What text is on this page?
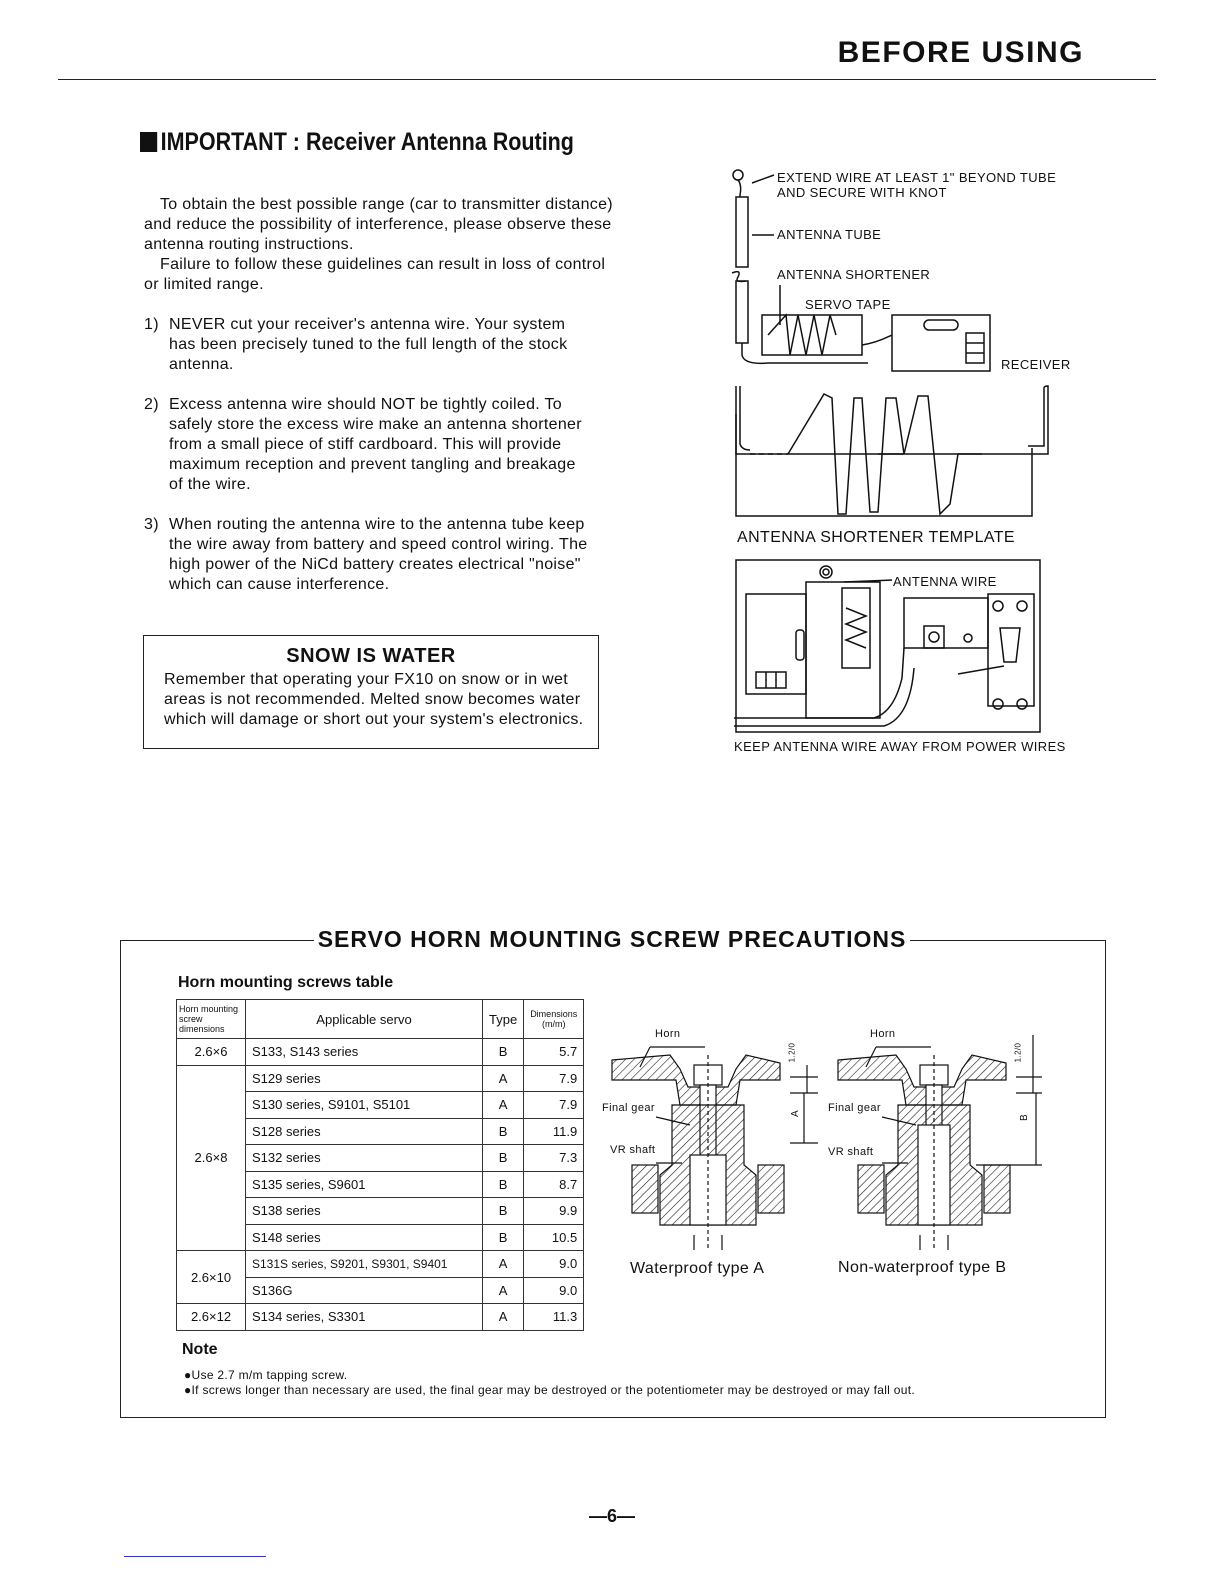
BEFORE USING
IMPORTANT : Receiver Antenna Routing

To obtain the best possible range (car to transmitter distance) and reduce the possibility of interference, please observe these antenna routing instructions.

Failure to follow these guidelines can result in loss of control or limited range.

1) NEVER cut your receiver's antenna wire. Your system has been precisely tuned to the full length of the stock antenna.
2) Excess antenna wire should NOT be tightly coiled. To safely store the excess wire make an antenna shortener from a small piece of stiff cardboard. This will provide maximum reception and prevent tangling and breakage of the wire.
3) When routing the antenna wire to the antenna tube keep the wire away from battery and speed control wiring. The high power of the NiCd battery creates electrical "noise" which can cause interference.
SNOW IS WATER
Remember that operating your FX10 on snow or in wet areas is not recommended. Melted snow becomes water which will damage or short out your system's electronics.
EXTEND WIRE AT LEAST 1" BEYOND TUBE
AND SECURE WITH KNOT
ANTENNA TUBE
ANTENNA SHORTENER
SERVO TAPE
RECEIVER
ANTENNA SHORTENER TEMPLATE
ANTENNA WIRE
KEEP ANTENNA WIRE AWAY FROM POWER WIRES
SERVO HORN MOUNTING SCREW PRECAUTIONS
Horn mounting screws table
Horn mounting screw dimensions	Applicable servo	Type	Dimensions (m/m)
2.6×6	S133, S143 series	B	5.7
2.6×8	S129 series	A	7.9
	S130 series, S9101, S5101	A	7.9
	S128 series	B	11.9
	S132 series	B	7.3
	S135 series, S9601	B	8.7
	S138 series	B	9.9
	S148 series	B	10.5
2.6×10	S131S series, S9201, S9301, S9401	A	9.0
	S136G	A	9.0
2.6×12	S134 series, S3301	A	11.3
Horn	Horn
Final gear	Final gear
VR shaft	VR shaft
A
B
1.2/0	1.2/0
Waterproof type A	Non-waterproof type B
Note
●Use 2.7 m/m tapping screw.
●If screws longer than necessary are used, the final gear may be destroyed or the potentiometer may be destroyed or may fall out.
—6—
